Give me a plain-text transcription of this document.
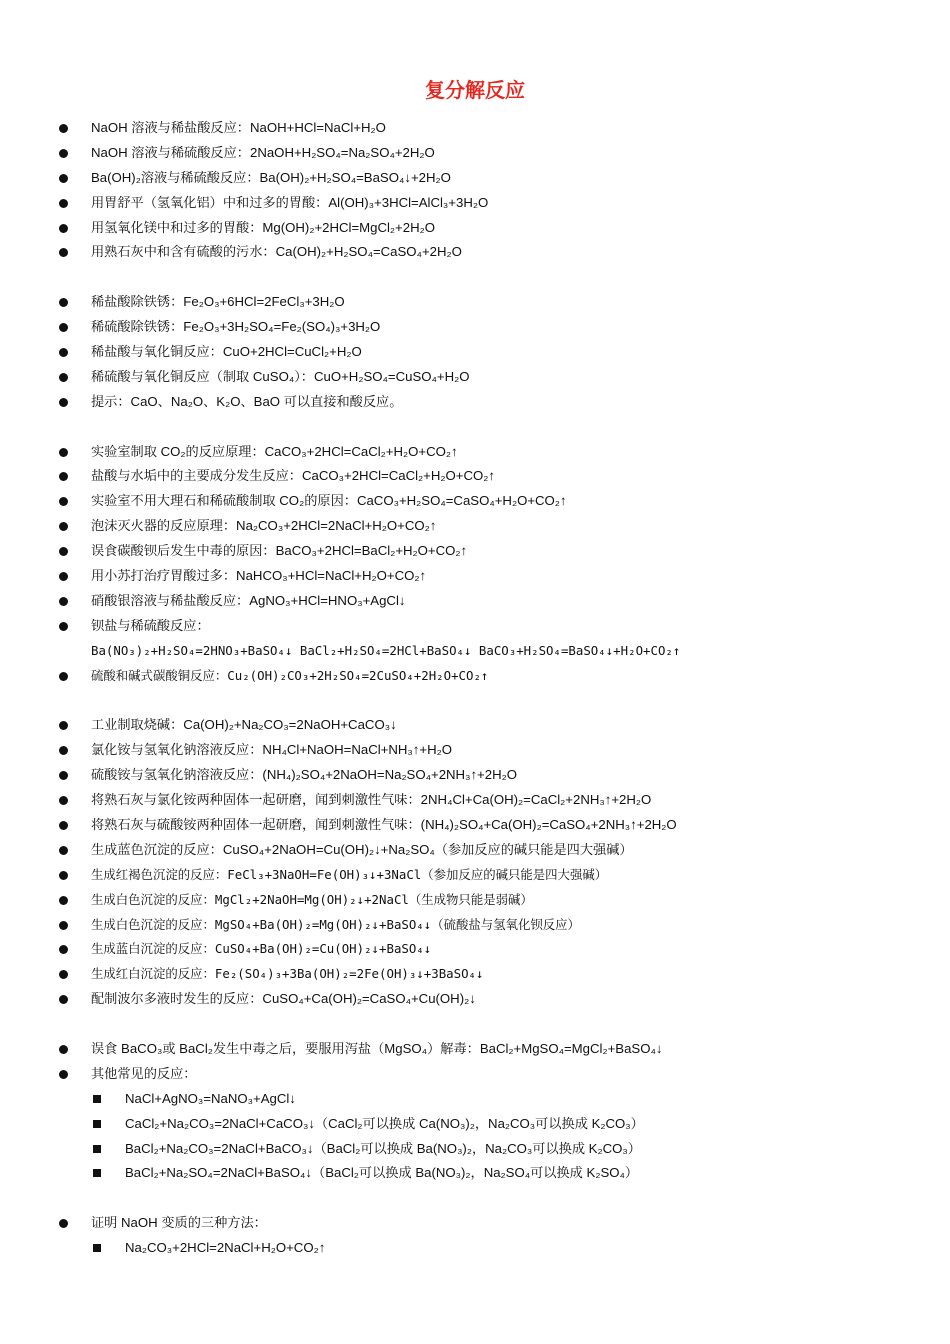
复分解反应
NaOH 溶液与稀盐酸反应：NaOH+HCl=NaCl+H₂O
NaOH 溶液与稀硫酸反应：2NaOH+H₂SO₄=Na₂SO₄+2H₂O
Ba(OH)₂溶液与稀硫酸反应：Ba(OH)₂+H₂SO₄=BaSO₄↓+2H₂O
用胃舒平（氢氧化铝）中和过多的胃酸：Al(OH)₃+3HCl=AlCl₃+3H₂O
用氢氧化镁中和过多的胃酸：Mg(OH)₂+2HCl=MgCl₂+2H₂O
用熟石灰中和含有硫酸的污水：Ca(OH)₂+H₂SO₄=CaSO₄+2H₂O
稀盐酸除铁锈：Fe₂O₃+6HCl=2FeCl₃+3H₂O
稀硫酸除铁锈：Fe₂O₃+3H₂SO₄=Fe₂(SO₄)₃+3H₂O
稀盐酸与氧化铜反应：CuO+2HCl=CuCl₂+H₂O
稀硫酸与氧化铜反应（制取 CuSO₄）：CuO+H₂SO₄=CuSO₄+H₂O
提示：CaO、Na₂O、K₂O、BaO 可以直接和酸反应。
实验室制取 CO₂的反应原理：CaCO₃+2HCl=CaCl₂+H₂O+CO₂↑
盐酸与水垢中的主要成分发生反应：CaCO₃+2HCl=CaCl₂+H₂O+CO₂↑
实验室不用大理石和稀硫酸制取 CO₂的原因：CaCO₃+H₂SO₄=CaSO₄+H₂O+CO₂↑
泡沫灭火器的反应原理：Na₂CO₃+2HCl=2NaCl+H₂O+CO₂↑
误食碳酸钡后发生中毒的原因：BaCO₃+2HCl=BaCl₂+H₂O+CO₂↑
用小苏打治疗胃酸过多：NaHCO₃+HCl=NaCl+H₂O+CO₂↑
硝酸银溶液与稀盐酸反应：AgNO₃+HCl=HNO₃+AgCl↓
钡盐与稀硫酸反应：
Ba(NO₃)₂+H₂SO₄=2HNO₃+BaSO₄↓ BaCl₂+H₂SO₄=2HCl+BaSO₄↓ BaCO₃+H₂SO₄=BaSO₄↓+H₂O+CO₂↑
硫酸和碱式碳酸铜反应：Cu₂(OH)₂CO₃+2H₂SO₄=2CuSO₄+2H₂O+CO₂↑
工业制取烧碱：Ca(OH)₂+Na₂CO₃=2NaOH+CaCO₃↓
氯化铵与氢氧化钠溶液反应：NH₄Cl+NaOH=NaCl+NH₃↑+H₂O
硫酸铵与氢氧化钠溶液反应：(NH₄)₂SO₄+2NaOH=Na₂SO₄+2NH₃↑+2H₂O
将熟石灰与氯化铵两种固体一起研磨，闻到刺激性气味：2NH₄Cl+Ca(OH)₂=CaCl₂+2NH₃↑+2H₂O
将熟石灰与硫酸铵两种固体一起研磨，闻到刺激性气味：(NH₄)₂SO₄+Ca(OH)₂=CaSO₄+2NH₃↑+2H₂O
生成蓝色沉淀的反应：CuSO₄+2NaOH=Cu(OH)₂↓+Na₂SO₄（参加反应的碱只能是四大强碱）
生成红褐色沉淀的反应：FeCl₃+3NaOH=Fe(OH)₃↓+3NaCl（参加反应的碱只能是四大强碱）
生成白色沉淀的反应：MgCl₂+2NaOH=Mg(OH)₂↓+2NaCl（生成物只能是弱碱）
生成白色沉淀的反应：MgSO₄+Ba(OH)₂=Mg(OH)₂↓+BaSO₄↓（硫酸盐与氢氧化钡反应）
生成蓝白沉淀的反应：CuSO₄+Ba(OH)₂=Cu(OH)₂↓+BaSO₄↓
生成红白沉淀的反应：Fe₂(SO₄)₃+3Ba(OH)₂=2Fe(OH)₃↓+3BaSO₄↓
配制波尔多液时发生的反应：CuSO₄+Ca(OH)₂=CaSO₄+Cu(OH)₂↓
误食 BaCO₃或 BaCl₂发生中毒之后，要服用泻盐（MgSO₄）解毒：BaCl₂+MgSO₄=MgCl₂+BaSO₄↓
其他常见的反应：
NaCl+AgNO₃=NaNO₃+AgCl↓
CaCl₂+Na₂CO₃=2NaCl+CaCO₃↓（CaCl₂可以换成 Ca(NO₃)₂，Na₂CO₃可以换成 K₂CO₃）
BaCl₂+Na₂CO₃=2NaCl+BaCO₃↓（BaCl₂可以换成 Ba(NO₃)₂，Na₂CO₃可以换成 K₂CO₃）
BaCl₂+Na₂SO₄=2NaCl+BaSO₄↓（BaCl₂可以换成 Ba(NO₃)₂，Na₂SO₄可以换成 K₂SO₄）
证明 NaOH 变质的三种方法：
Na₂CO₃+2HCl=2NaCl+H₂O+CO₂↑
